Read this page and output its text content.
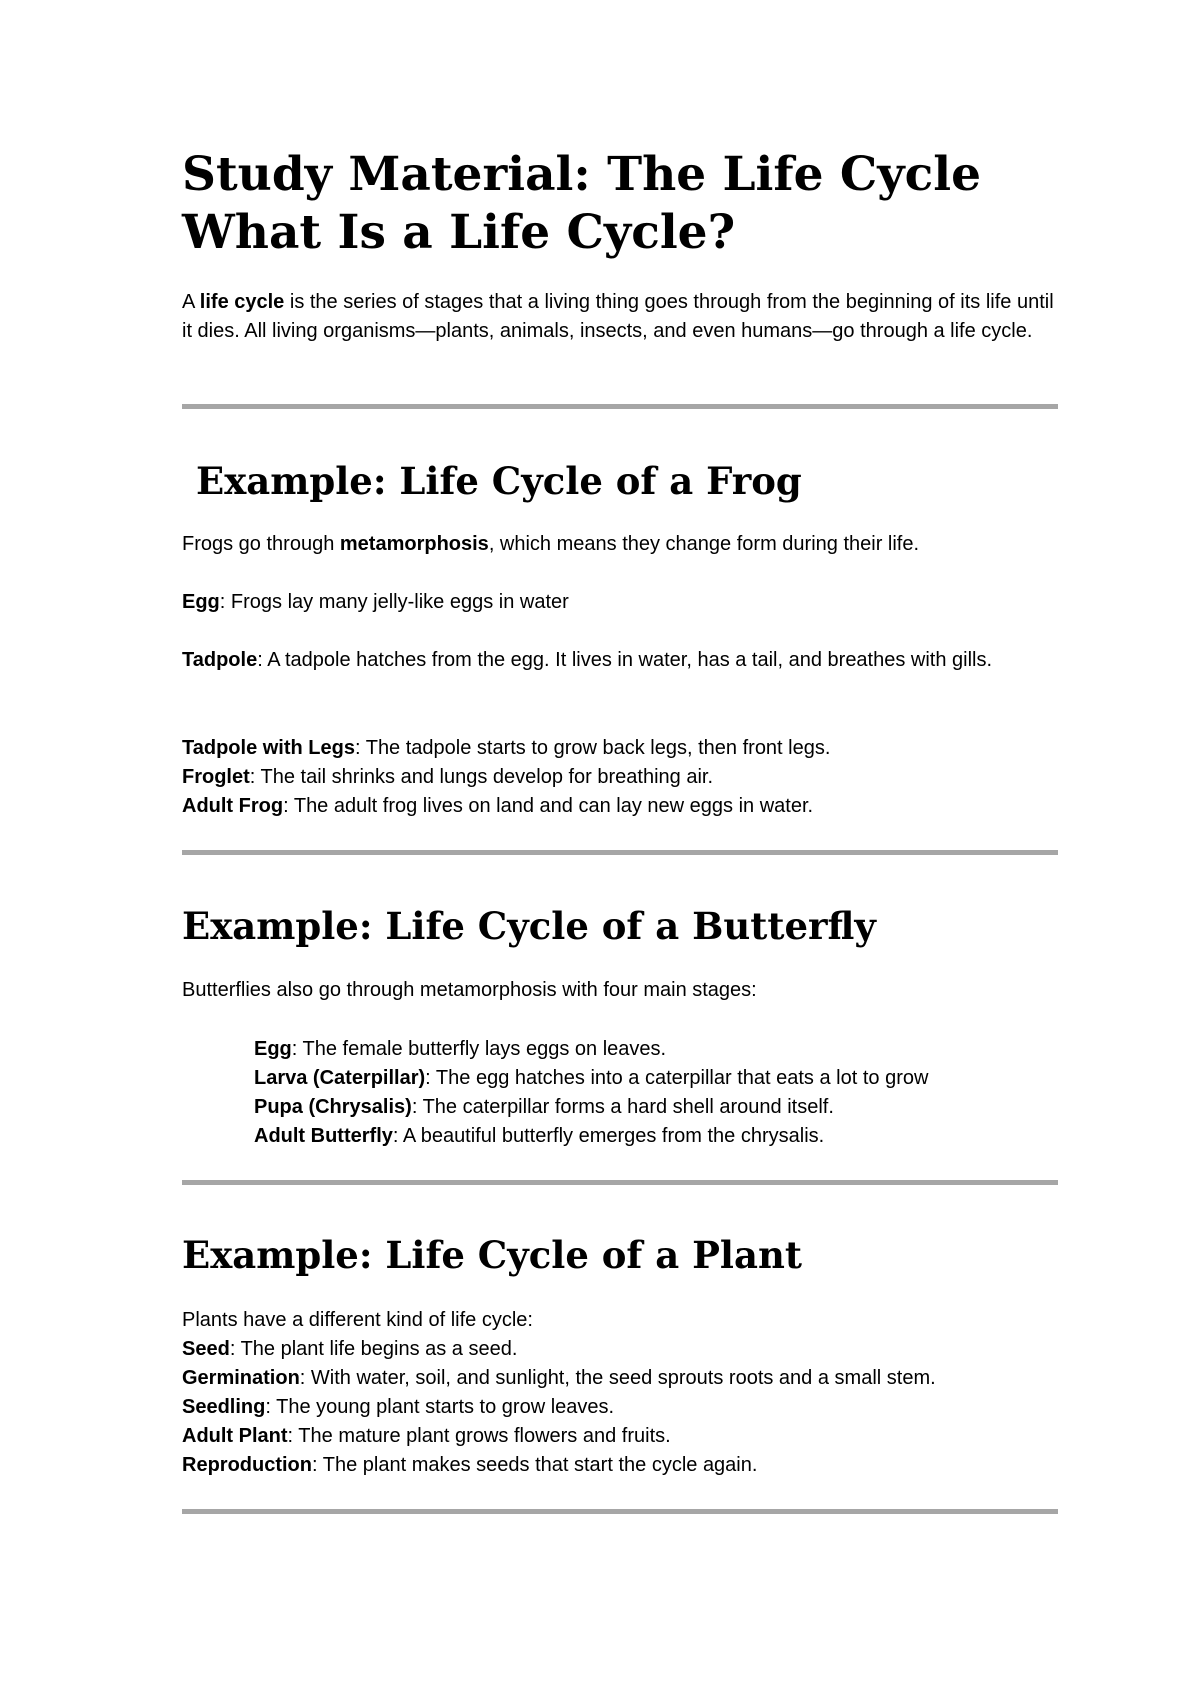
Study Material: The Life Cycle
What Is a Life Cycle?

A life cycle is the series of stages that a living thing goes through from the beginning of its life until it dies. All living organisms—plants, animals, insects, and even humans—go through a life cycle.

Example: Life Cycle of a Frog

Frogs go through metamorphosis, which means they change form during their life.

Egg: Frogs lay many jelly-like eggs in water

Tadpole: A tadpole hatches from the egg. It lives in water, has a tail, and breathes with gills.

Tadpole with Legs: The tadpole starts to grow back legs, then front legs.

Froglet: The tail shrinks and lungs develop for breathing air.

Adult Frog: The adult frog lives on land and can lay new eggs in water.

Example: Life Cycle of a Butterfly

Butterflies also go through metamorphosis with four main stages:

Egg: The female butterfly lays eggs on leaves.

Larva (Caterpillar): The egg hatches into a caterpillar that eats a lot to grow

Pupa (Chrysalis): The caterpillar forms a hard shell around itself.

Adult Butterfly: A beautiful butterfly emerges from the chrysalis.

Example: Life Cycle of a Plant

Plants have a different kind of life cycle:

Seed: The plant life begins as a seed.

Germination: With water, soil, and sunlight, the seed sprouts roots and a small stem.

Seedling: The young plant starts to grow leaves.

Adult Plant: The mature plant grows flowers and fruits.

Reproduction: The plant makes seeds that start the cycle again.
